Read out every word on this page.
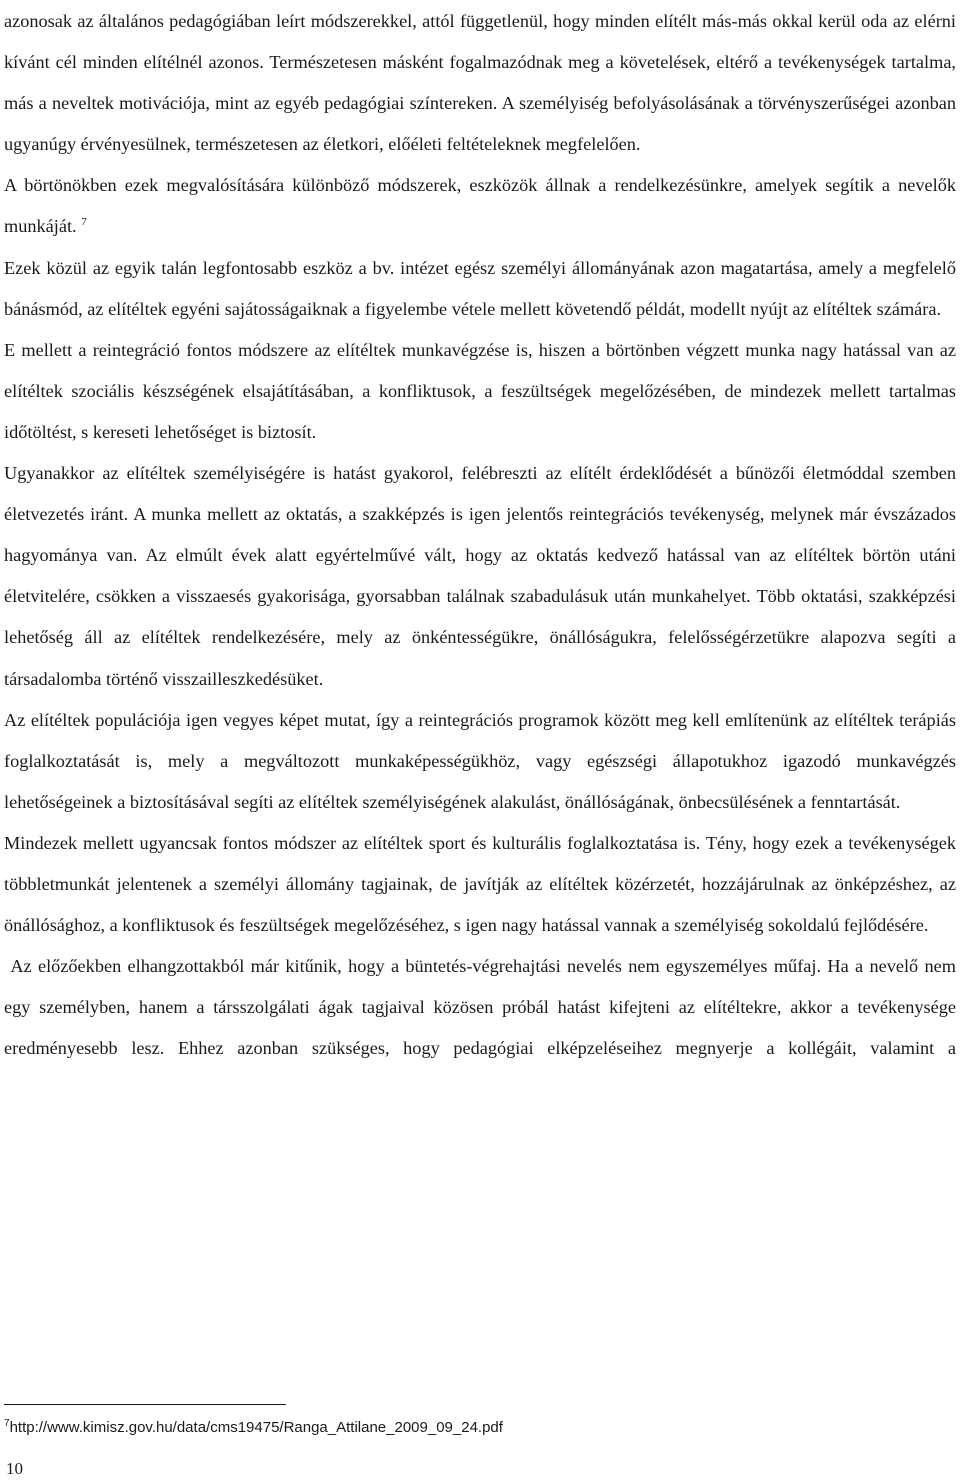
azonosak az általános pedagógiában leírt módszerekkel, attól függetlenül, hogy minden elítélt más-más okkal kerül oda az elérni kívánt cél minden elítélnél azonos. Természetesen másként fogalmazódnak meg a követelések, eltérő a tevékenységek tartalma, más a neveltek motivációja, mint az egyéb pedagógiai színtereken. A személyiség befolyásolásának a törvényszerűségei azonban ugyanúgy érvényesülnek, természetesen az életkori, előéleti feltételeknek megfelelően.

A börtönökben ezek megvalósítására különböző módszerek, eszközök állnak a rendelkezésünkre, amelyek segítik a nevelők munkáját. $^7$

Ezek közül az egyik talán legfontosabb eszköz a bv. intézet egész személyi állományának azon magatartása, amely a megfelelő bánásmód, az elítéltek egyéni sajátosságaiknak a figyelembe vétele mellett követendő példát, modellt nyújt az elítéltek számára.

E mellett a reintegráció fontos módszere az elítéltek munkavégzése is, hiszen a börtönben végzett munka nagy hatással van az elítéltek szociális készségének elsajátításában, a konfliktusok, a feszültségek megelőzésében, de mindezek mellett tartalmas időtöltést, s kereseti lehetőséget is biztosít.

Ugyanakkor az elítéltek személyiségére is hatást gyakorol, felébreszti az elítélt érdeklődését a bűnözői életmóddal szemben életvezetés iránt. A munka mellett az oktatás, a szakképzés is igen jelentős reintegrációs tevékenység, melynek már évszázados hagyománya van. Az elmúlt évek alatt egyértelművé vált, hogy az oktatás kedvező hatással van az elítéltek börtön utáni életvitelére, csökken a visszaesés gyakorisága, gyorsabban találnak szabadulásuk után munkahelyet. Több oktatási, szakképzési lehetőség áll az elítéltek rendelkezésére, mely az önkéntességükre, önállóságukra, felelősségérzetükre alapozva segíti a társadalomba történő visszailleszkedésüket.

Az elítéltek populációja igen vegyes képet mutat, így a reintegrációs programok között meg kell említenünk az elítéltek terápiás foglalkoztatását is, mely a megváltozott munkaképességükhöz, vagy egészségi állapotukhoz igazodó munkavégzés lehetőségeinek a biztosításával segíti az elítéltek személyiségének alakulást, önállóságának, önbecsülésének a fenntartását.

Mindezek mellett ugyancsak fontos módszer az elítéltek sport és kulturális foglalkoztatása is. Tény, hogy ezek a tevékenységek többletmunkát jelentenek a személyi állomány tagjainak, de javítják az elítéltek közérzetét, hozzájárulnak az önképzéshez, az önállósághoz, a konfliktusok és feszültségek megelőzéséhez, s igen nagy hatással vannak a személyiség sokoldalú fejlődésére.

Az előzőekben elhangzottakból már kitűnik, hogy a büntetés-végrehajtási nevelés nem egyszemélyes műfaj. Ha a nevelő nem egy személyben, hanem a társszolgálati ágak tagjaival közösen próbál hatást kifejteni az elítéltekre, akkor a tevékenysége eredményesebb lesz. Ehhez azonban szükséges, hogy pedagógiai elképzeléseihez megnyerje a kollégáit, valamint a

$^7$http://www.kimisz.gov.hu/data/cms19475/Ranga_Attilane_2009_09_24.pdf
10
